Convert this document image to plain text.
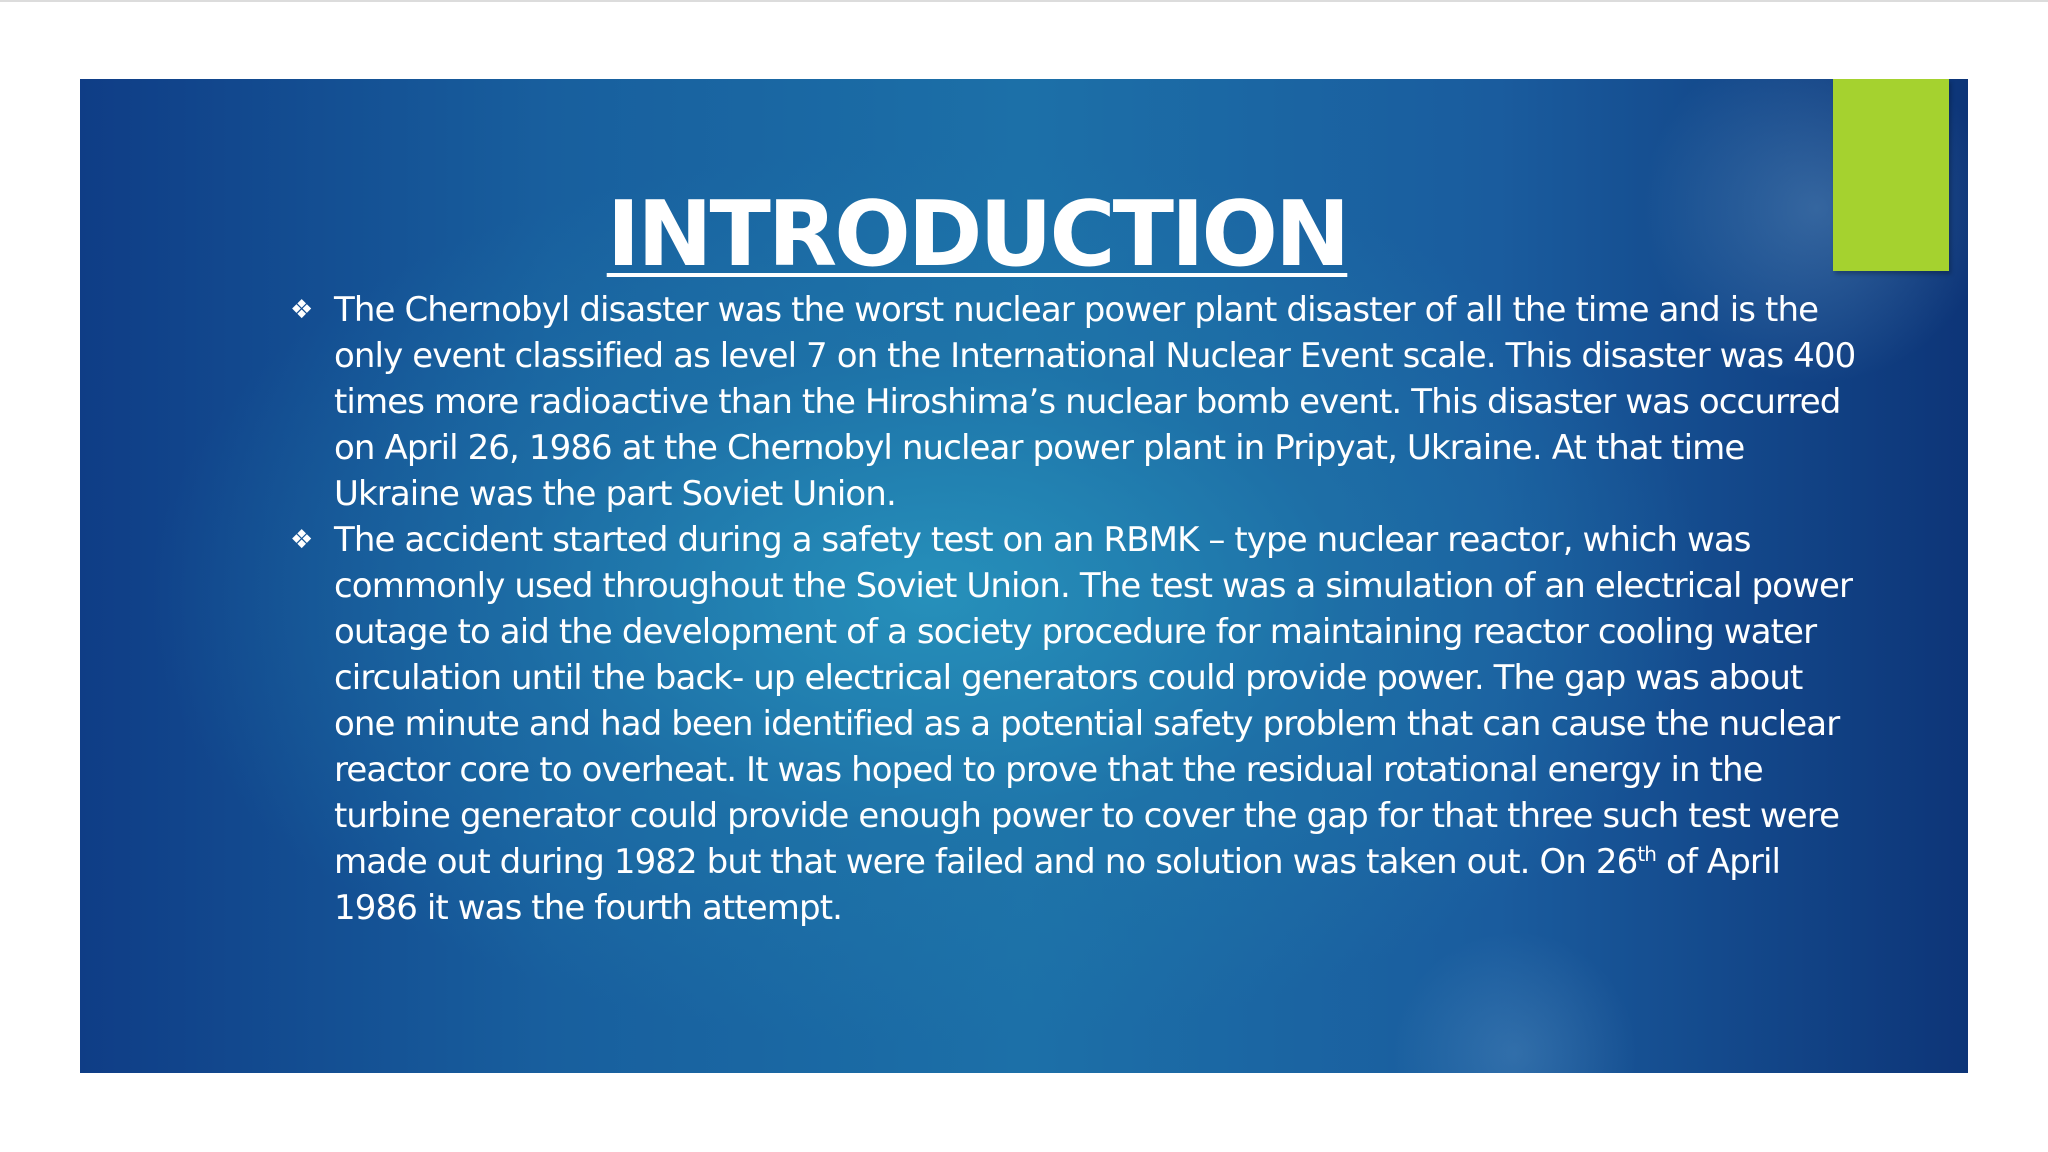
INTRODUCTION
❖ The Chernobyl disaster was the worst nuclear power plant disaster of all the time and is the only event classified as level 7 on the International Nuclear Event scale. This disaster was 400 times more radioactive than the Hiroshima’s nuclear bomb event. This disaster was occurred on April 26, 1986 at the Chernobyl nuclear power plant in Pripyat, Ukraine. At that time Ukraine was the part Soviet Union.
❖ The accident started during a safety test on an RBMK – type nuclear reactor, which was commonly used throughout the Soviet Union. The test was a simulation of an electrical power outage to aid the development of a society procedure for maintaining reactor cooling water circulation until the back- up electrical generators could provide power. The gap was about one minute and had been identified as a potential safety problem that can cause the nuclear reactor core to overheat. It was hoped to prove that the residual rotational energy in the turbine generator could provide enough power to cover the gap for that three such test were made out during 1982 but that were failed and no solution was taken out. On 26th of April 1986 it was the fourth attempt.
